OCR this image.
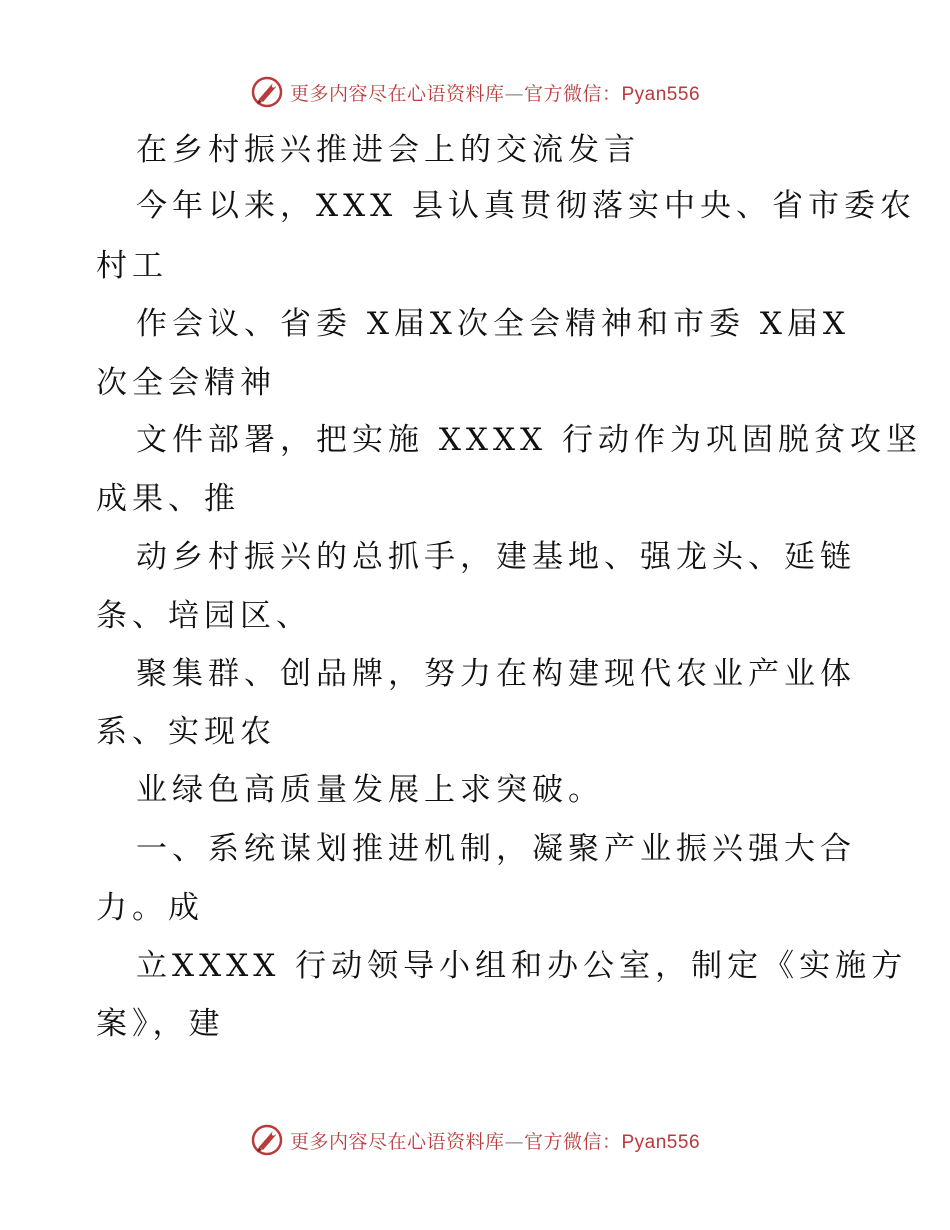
更多内容尽在心语资料库—官方微信：Pyan556
在乡村振兴推进会上的交流发言
今年以来，XXX 县认真贯彻落实中央、省市委农
村工
作会议、省委 X届X次全会精神和市委 X届X
次全会精神
文件部署，把实施 XXXX 行动作为巩固脱贫攻坚
成果、推
动乡村振兴的总抓手，建基地、强龙头、延链
条、培园区、
聚集群、创品牌，努力在构建现代农业产业体
系、实现农
业绿色高质量发展上求突破。
一、系统谋划推进机制，凝聚产业振兴强大合
力。成
立XXXX 行动领导小组和办公室，制定《实施方
案》，建
更多内容尽在心语资料库—官方微信：Pyan556
